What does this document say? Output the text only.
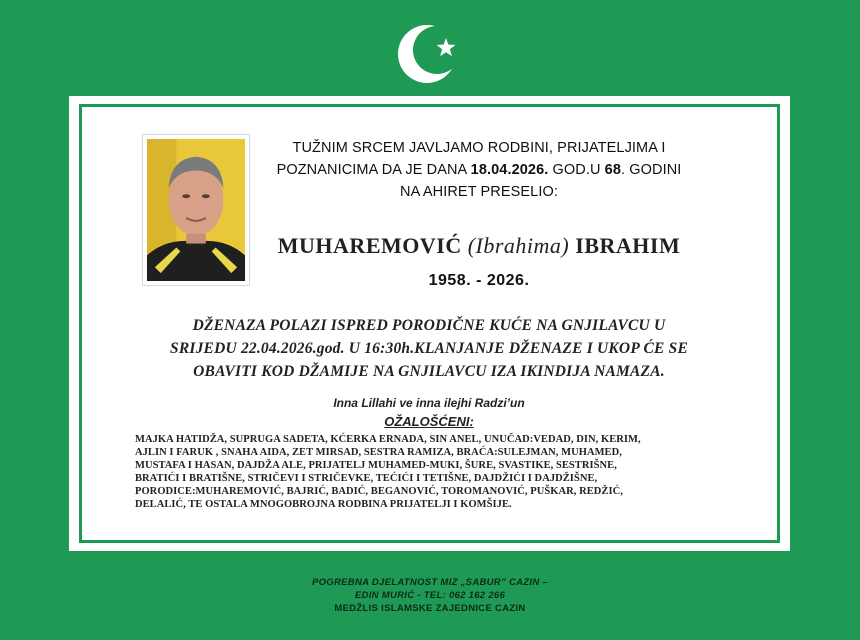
TUŽNIM SRCEM JAVLJAMO RODBINI, PRIJATELJIMA I
POZNANICIMA DA JE DANA 18.04.2026. GOD.U 68. GODINI
NA AHIRET PRESELIO:
MUHAREMOVIĆ (Ibrahima) IBRAHIM
1958. - 2026.
DŽENAZA POLAZI ISPRED PORODIČNE KUĆE NA GNJILAVCU U
SRIJEDU 22.04.2026.god. U 16:30h.KLANJANJE DŽENAZE I UKOP ĆE SE
OBAVITI KOD DŽAMIJE NA GNJILAVCU IZA IKINDIJA NAMAZA.
Inna Lillahi ve inna ilejhi Radzi’un
OŽALOŠĆENI:
MAJKA HATIDŽA, SUPRUGA SADETA, KĆERKA ERNADA, SIN ANEL, UNUČAD:VEDAD, DIN, KERIM,
AJLIN I FARUK , SNAHA AIDA, ZET MIRSAD, SESTRA RAMIZA, BRAĆA:SULEJMAN, MUHAMED,
MUSTAFA I HASAN, DAJDŽA ALE, PRIJATELJ MUHAMED-MUKI, ŠURE, SVASTIKE, SESTRIŠNE,
BRATIĆI I BRATIŠNE, STRIČEVI I STRIČEVKE, TEĆIĆI I TETIŠNE, DAJDŽIĆI I DAJDŽIŠNE,
PORODICE:MUHAREMOVIĆ, BAJRIĆ, BADIĆ, BEGANOVIĆ, TOROMANOVIĆ, PUŠKAR, REDŽIĆ,
DELALIĆ, TE OSTALA MNOGOBROJNA RODBINA PRIJATELJI I KOMŠIJE.
POGREBNA DJELATNOST MIZ „SABUR” CAZIN –
EDIN MURIĆ - TEL: 062 162 266
MEDŽLIS ISLAMSKE ZAJEDNICE CAZIN
